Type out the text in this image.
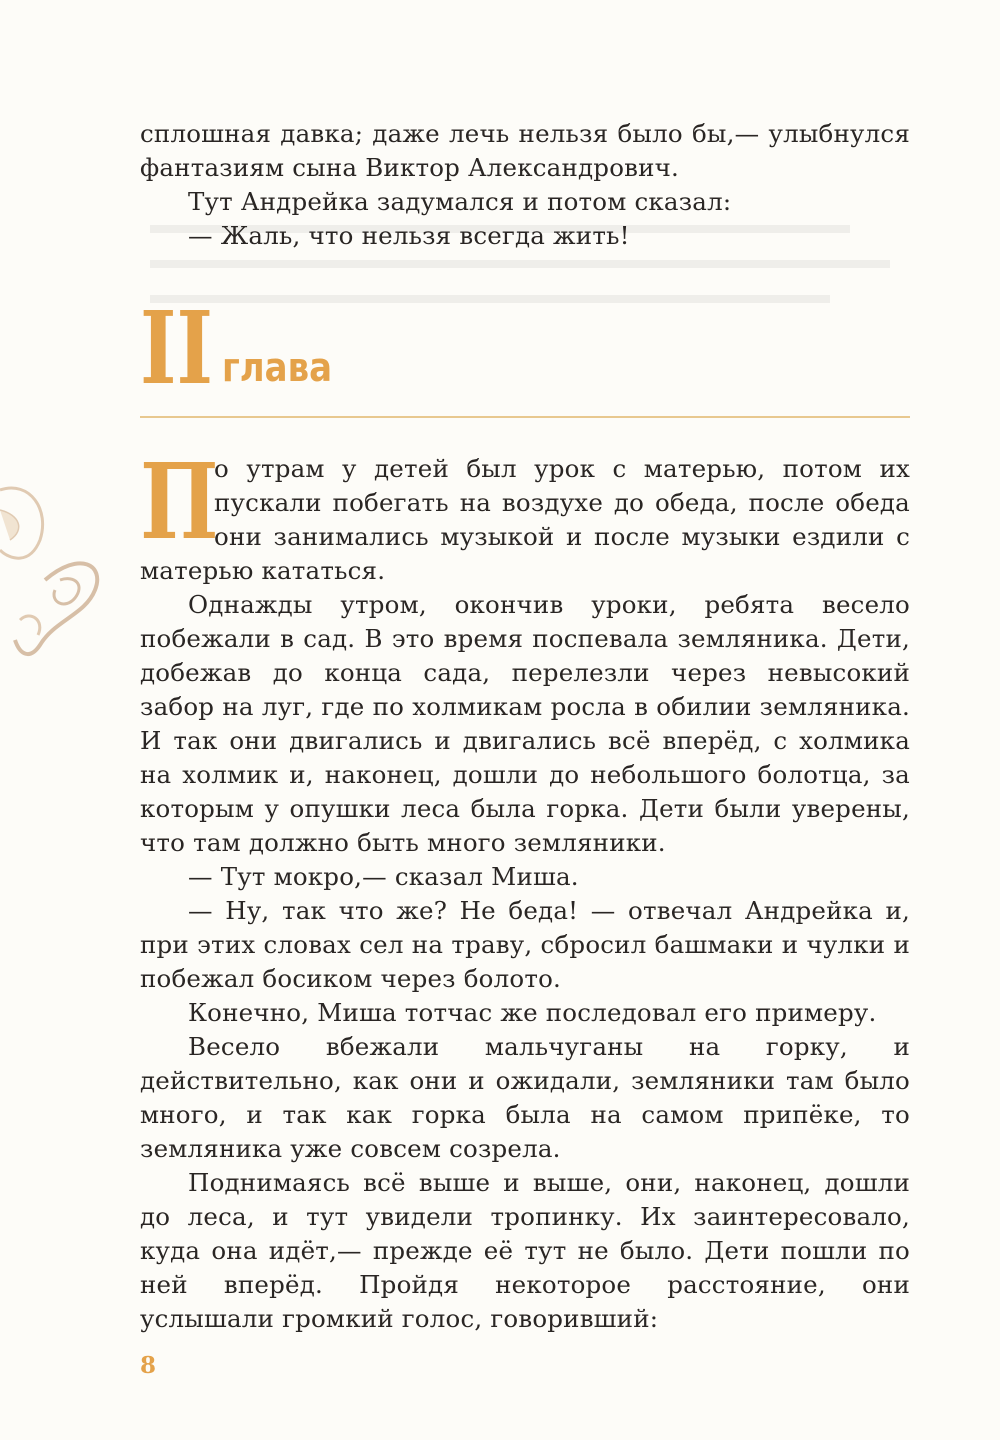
сплошная давка; даже лечь нельзя было бы,— улыбнулся фантазиям сына Виктор Александрович.

Тут Андрейка задумался и потом сказал:

— Жаль, что нельзя всегда жить!

II глава

П
о утрам у детей был урок с матерью, потом их пускали побегать на воздухе до обеда, после обеда они занимались музыкой и после музыки ездили с матерью кататься.

Однажды утром, окончив уроки, ребята весело побежали в сад. В это время поспевала земляника. Дети, добежав до конца сада, перелезли через невысокий забор на луг, где по холмикам росла в обилии земляника. И так они двигались и двигались всё вперёд, с холмика на холмик и, наконец, дошли до небольшого болотца, за которым у опушки леса была горка. Дети были уверены, что там должно быть много земляники.

— Тут мокро,— сказал Миша.

— Ну, так что же? Не беда! — отвечал Андрейка и, при этих словах сел на траву, сбросил башмаки и чулки и побежал босиком через болото.

Конечно, Миша тотчас же последовал его примеру.

Весело вбежали мальчуганы на горку, и действительно, как они и ожидали, земляники там было много, и так как горка была на самом припёке, то земляника уже совсем созрела.

Поднимаясь всё выше и выше, они, наконец, дошли до леса, и тут увидели тропинку. Их заинтересовало, куда она идёт,— прежде её тут не было. Дети пошли по ней вперёд. Пройдя некоторое расстояние, они услышали громкий голос, говоривший:

8
